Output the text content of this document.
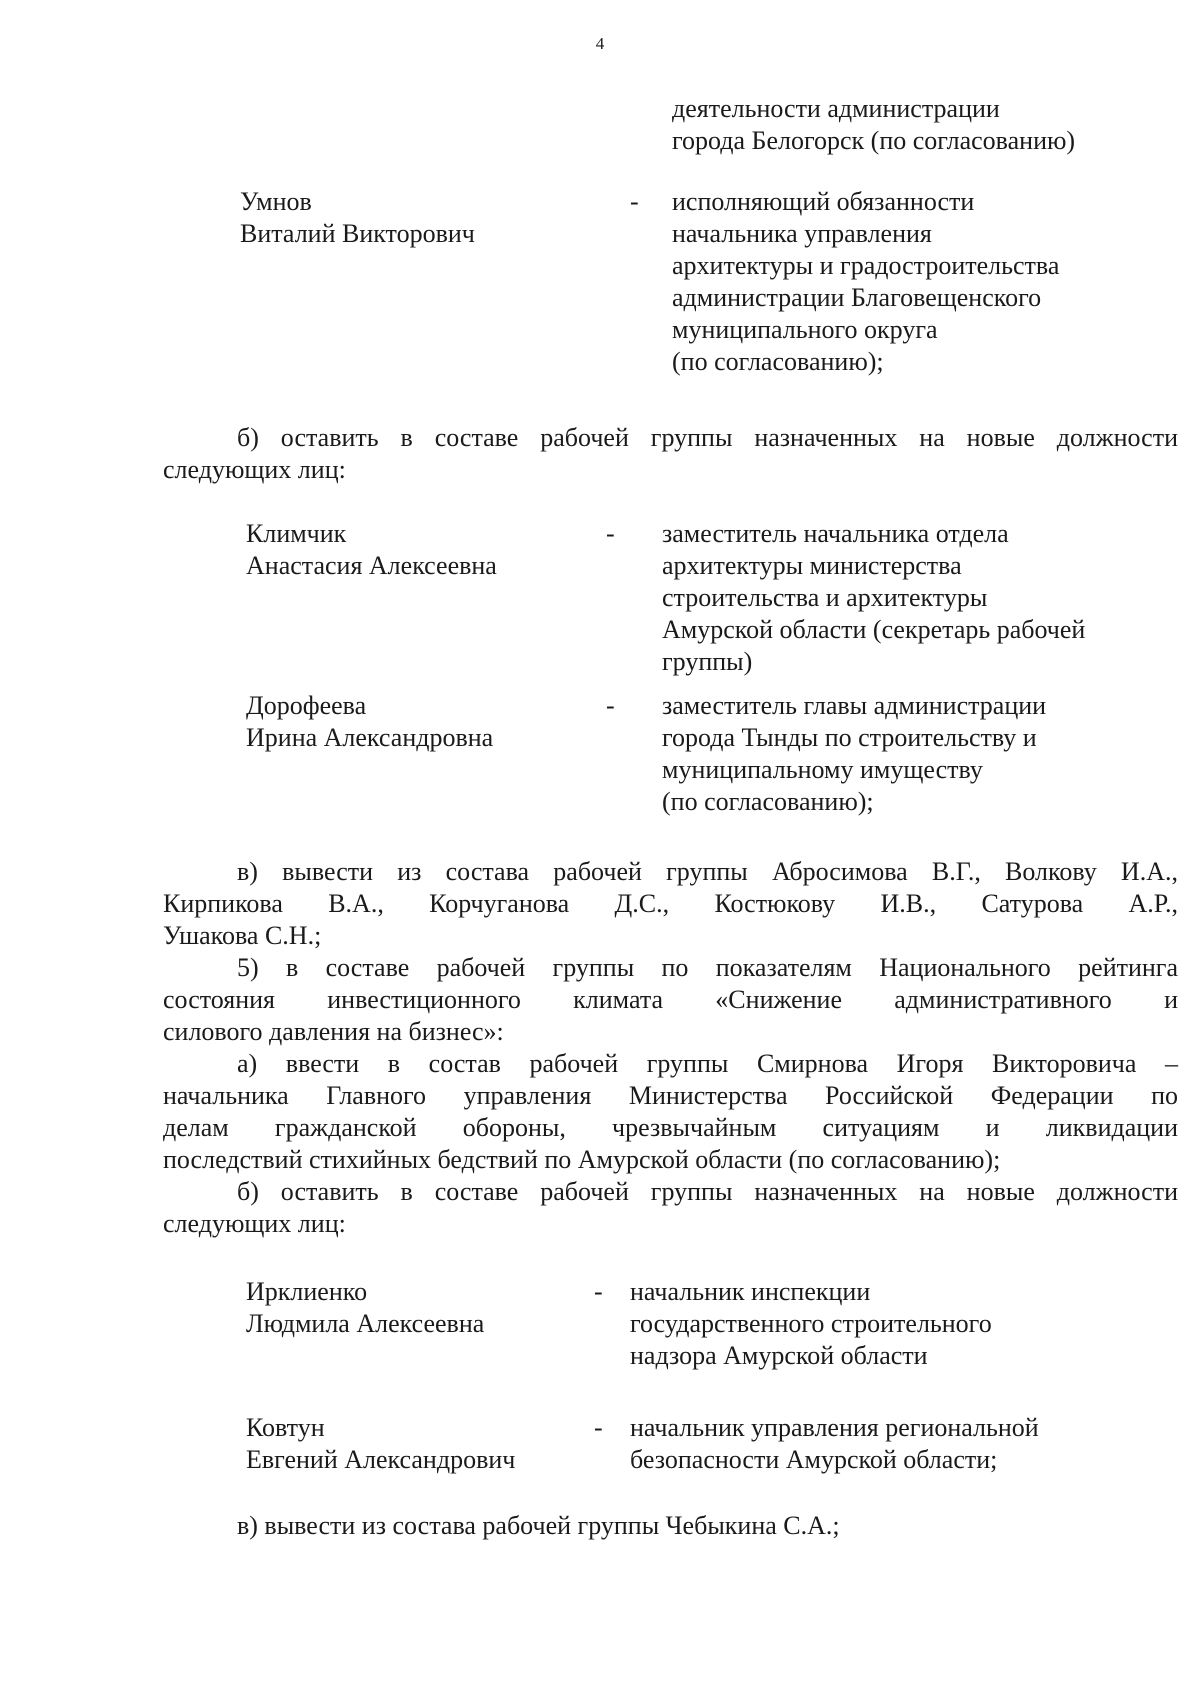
4
деятельности администрации
города Белогорск (по согласованию)
Умнов
Виталий Викторович
- исполняющий обязанности
начальника управления
архитектуры и градостроительства
администрации Благовещенского
муниципального округа
(по согласованию);
б) оставить в составе рабочей группы назначенных на новые должности
следующих лиц:
Климчик
Анастасия Алексеевна
- заместитель начальника отдела
архитектуры министерства
строительства и архитектуры
Амурской области (секретарь рабочей
группы)
Дорофеева
Ирина Александровна
- заместитель главы администрации
города Тынды по строительству и
муниципальному имуществу
(по согласованию);
в) вывести из состава рабочей группы Абросимова В.Г., Волкову И.А.,
Кирпикова В.А., Корчуганова Д.С., Костюкову И.В., Сатурова А.Р.,
Ушакова С.Н.;
5) в составе рабочей группы по показателям Национального рейтинга
состояния инвестиционного климата «Снижение административного и
силового давления на бизнес»:
а) ввести в состав рабочей группы Смирнова Игоря Викторовича –
начальника Главного управления Министерства Российской Федерации по
делам гражданской обороны, чрезвычайным ситуациям и ликвидации
последствий стихийных бедствий по Амурской области (по согласованию);
б) оставить в составе рабочей группы назначенных на новые должности
следующих лиц:
Ирклиенко
Людмила Алексеевна
- начальник инспекции
государственного строительного
надзора Амурской области
Ковтун
Евгений Александрович
- начальник управления региональной
безопасности Амурской области;
в) вывести из состава рабочей группы Чебыкина С.А.;
